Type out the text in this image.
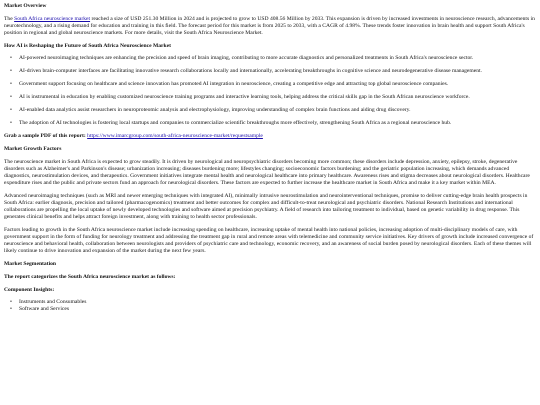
Market Overview

The South Africa neuroscience market reached a size of USD 251.30 Million in 2024 and is projected to grow to USD 408.56 Million by 2033. This expansion is driven by increased investments in neuroscience research, advancements in neurotechnology, and a rising demand for education and training in this field. The forecast period for this market is from 2025 to 2033, with a CAGR of 4.98%. These trends foster innovation in brain health and support South Africa's position in regional and global neuroscience markets. For more details, visit the South Africa Neuroscience Market.

How AI is Reshaping the Future of South Africa Neuroscience Market

• AI-powered neuroimaging techniques are enhancing the precision and speed of brain imaging, contributing to more accurate diagnostics and personalized treatments in South Africa's neuroscience sector.
• AI-driven brain-computer interfaces are facilitating innovative research collaborations locally and internationally, accelerating breakthroughs in cognitive science and neurodegenerative disease management.
• Government support focusing on healthcare and science innovation has promoted AI integration in neuroscience, creating a competitive edge and attracting top global neuroscience companies.
• AI is instrumental in education by enabling customized neuroscience training programs and interactive learning tools, helping address the critical skills gap in the South African neuroscience workforce.
• AI-enabled data analytics assist researchers in neuroproteomic analysis and electrophysiology, improving understanding of complex brain functions and aiding drug discovery.
• The adoption of AI technologies is fostering local startups and companies to commercialize scientific breakthroughs more effectively, strengthening South Africa as a regional neuroscience hub.

Grab a sample PDF of this report: https://www.imarcgroup.com/south-africa-neuroscience-market/requestsample

Market Growth Factors

The neuroscience market in South Africa is expected to grow steadily. It is driven by neurological and neuropsychiatric disorders becoming more common; these disorders include depression, anxiety, epilepsy, stroke, degenerative disorders such as Alzheimer's and Parkinson's disease; urbanization increasing; diseases burdening more; lifestyles changing; socioeconomic factors burdening; and the geriatric population increasing, which demands advanced diagnostics, neurostimulation devices, and therapeutics. Government initiatives integrate mental health and neurological healthcare into primary healthcare. Awareness rises and stigma decreases about neurological disorders. Healthcare expenditure rises and the public and private sectors fund an approach for neurological disorders. These factors are expected to further increase the healthcare market in South Africa and make it a key market within MEA.

Advanced neuroimaging techniques (such as MRI and newer emerging techniques with integrated AI), minimally intrusive neurostimulation and neurointerventional techniques, promise to deliver cutting-edge brain health prospects in South Africa: earlier diagnosis, precision and tailored (pharmacogenomics) treatment and better outcomes for complex and difficult-to-treat neurological and psychiatric disorders. National Research Institutions and international collaborations are propelling the local uptake of newly developed technologies and software aimed at precision psychiatry. A field of research into tailoring treatment to individual, based on genetic variability in drug response. This generates clinical benefits and helps attract foreign investment, along with training to health sector professionals.

Factors leading to growth in the South Africa neuroscience market include increasing spending on healthcare, increasing uptake of mental health into national policies, increasing adoption of multi-disciplinary models of care, with government support in the form of funding for neurology treatment and addressing the treatment gap in rural and remote areas with telemedicine and community service initiatives. Key drivers of growth include increased convergence of neuroscience and behavioral health, collaboration between neurologists and providers of psychiatric care and technology, economic recovery, and an awareness of social burden posed by neurological disorders. Each of these themes will likely continue to drive innovation and expansion of the market during the next few years.

Market Segmentation

The report categorizes the South Africa neuroscience market as follows:

Component Insights:

• Instruments and Consumables
• Software and Services
